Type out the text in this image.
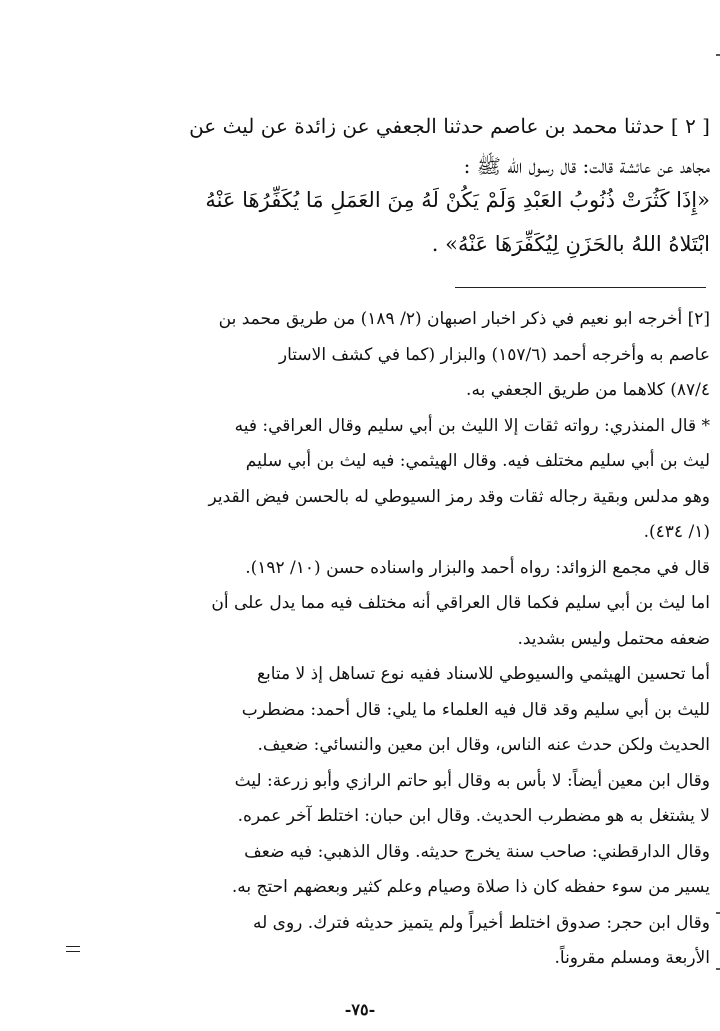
[ ٢ ] حدثنا محمد بن عاصم حدثنا الجعفي عن زائدة عن ليث عن
مجاهد عن عائشة قالت: قال رسول الله ﷺ :
«إِذَا كَثُرَتْ ذُنُوبُ العَبْدِ وَلَمْ يَكُنْ لَهُ مِنَ العَمَلِ مَا يُكَفِّرُهَا عَنْهُ
ابْتَلاهُ اللهُ بالحَزَنِ لِيُكَفِّرَهَا عَنْهُ» .
[٢] أخرجه ابو نعيم في ذكر اخبار اصبهان (٢/ ١٨٩) من طريق محمد بن
عاصم به وأخرجه أحمد (١٥٧/٦) والبزار (كما في كشف الاستار
٨٧/٤) كلاهما من طريق الجعفي به.
* قال المنذري: رواته ثقات إلا الليث بن أبي سليم وقال العراقي: فيه
ليث بن أبي سليم مختلف فيه. وقال الهيثمي: فيه ليث بن أبي سليم
وهو مدلس وبقية رجاله ثقات وقد رمز السيوطي له بالحسن فيض القدير
(١/ ٤٣٤).
قال في مجمع الزوائد: رواه أحمد والبزار واسناده حسن (١٠/ ١٩٢).
اما ليث بن أبي سليم فكما قال العراقي أنه مختلف فيه مما يدل على أن
ضعفه محتمل وليس بشديد.
أما تحسين الهيثمي والسيوطي للاسناد ففيه نوع تساهل إذ لا متابع
لليث بن أبي سليم وقد قال فيه العلماء ما يلي: قال أحمد: مضطرب
الحديث ولكن حدث عنه الناس، وقال ابن معين والنسائي: ضعيف.
وقال ابن معين أيضاً: لا بأس به وقال أبو حاتم الرازي وأبو زرعة: ليث
لا يشتغل به هو مضطرب الحديث. وقال ابن حبان: اختلط آخر عمره.
وقال الدارقطني: صاحب سنة يخرج حديثه. وقال الذهبي: فيه ضعف
يسير من سوء حفظه كان ذا صلاة وصيام وعلم كثير وبعضهم احتج به.
وقال ابن حجر: صدوق اختلط أخيراً ولم يتميز حديثه فترك. روى له
الأربعة ومسلم مقروناً.
-٧٥-
